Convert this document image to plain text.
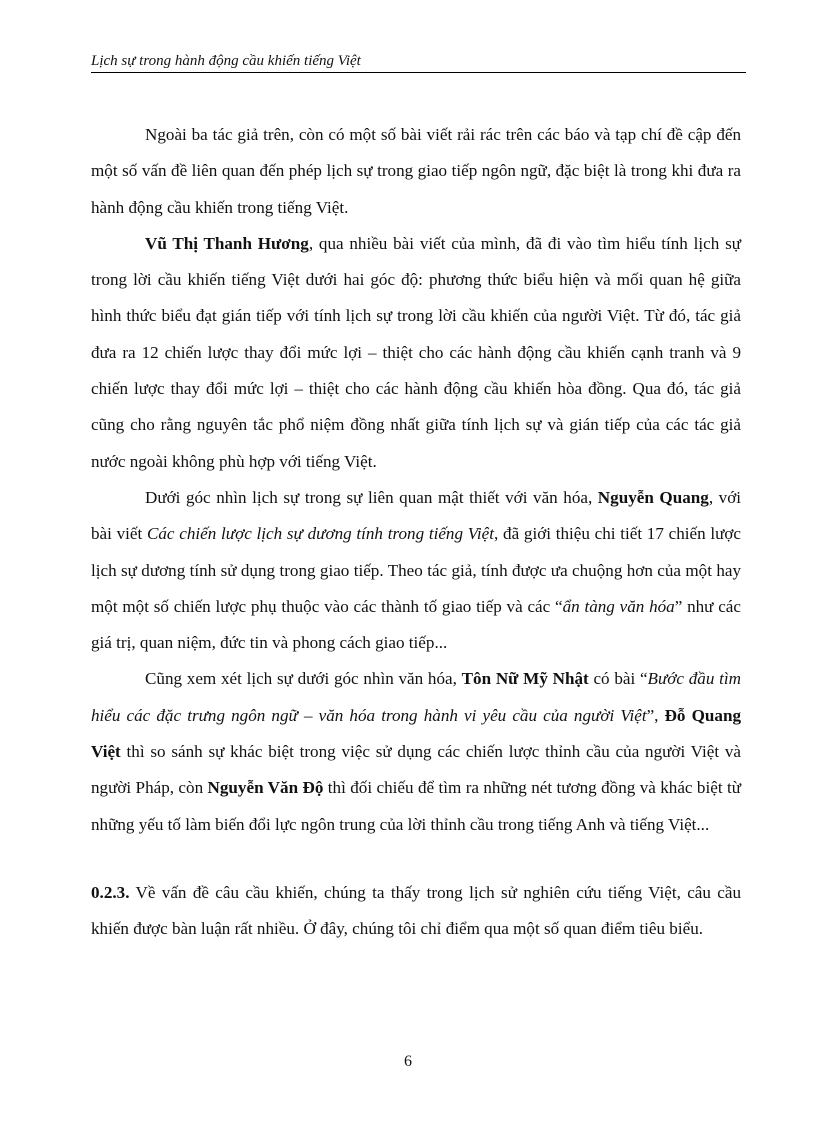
Lịch sự trong hành động cầu khiến tiếng Việt

Ngoài ba tác giả trên, còn có một số bài viết rải rác trên các báo và tạp chí đề cập đến một số vấn đề liên quan đến phép lịch sự trong giao tiếp ngôn ngữ, đặc biệt là trong khi đưa ra hành động cầu khiến trong tiếng Việt.

Vũ Thị Thanh Hương, qua nhiều bài viết của mình, đã đi vào tìm hiểu tính lịch sự trong lời cầu khiến tiếng Việt dưới hai góc độ: phương thức biểu hiện và mối quan hệ giữa hình thức biểu đạt gián tiếp với tính lịch sự trong lời cầu khiến của người Việt. Từ đó, tác giả đưa ra 12 chiến lược thay đổi mức lợi – thiệt cho các hành động cầu khiến cạnh tranh và 9 chiến lược thay đổi mức lợi – thiệt cho các hành động cầu khiến hòa đồng. Qua đó, tác giả cũng cho rằng nguyên tắc phổ niệm đồng nhất giữa tính lịch sự và gián tiếp của các tác giả nước ngoài không phù hợp với tiếng Việt.

Dưới góc nhìn lịch sự trong sự liên quan mật thiết với văn hóa, Nguyễn Quang, với bài viết Các chiến lược lịch sự dương tính trong tiếng Việt, đã giới thiệu chi tiết 17 chiến lược lịch sự dương tính sử dụng trong giao tiếp. Theo tác giả, tính được ưa chuộng hơn của một hay một một số chiến lược phụ thuộc vào các thành tố giao tiếp và các “ẩn tàng văn hóa” như các giá trị, quan niệm, đức tin và phong cách giao tiếp...

Cũng xem xét lịch sự dưới góc nhìn văn hóa, Tôn Nữ Mỹ Nhật có bài “Bước đầu tìm hiểu các đặc trưng ngôn ngữ – văn hóa trong hành vi yêu cầu của người Việt”, Đỗ Quang Việt thì so sánh sự khác biệt trong việc sử dụng các chiến lược thỉnh cầu của người Việt và người Pháp, còn Nguyễn Văn Độ thì đối chiếu để tìm ra những nét tương đồng và khác biệt từ những yếu tố làm biến đổi lực ngôn trung của lời thỉnh cầu trong tiếng Anh và tiếng Việt...

0.2.3. Về vấn đề câu cầu khiến, chúng ta thấy trong lịch sử nghiên cứu tiếng Việt, câu cầu khiến được bàn luận rất nhiều. Ở đây, chúng tôi chỉ điểm qua một số quan điểm tiêu biểu.

6
